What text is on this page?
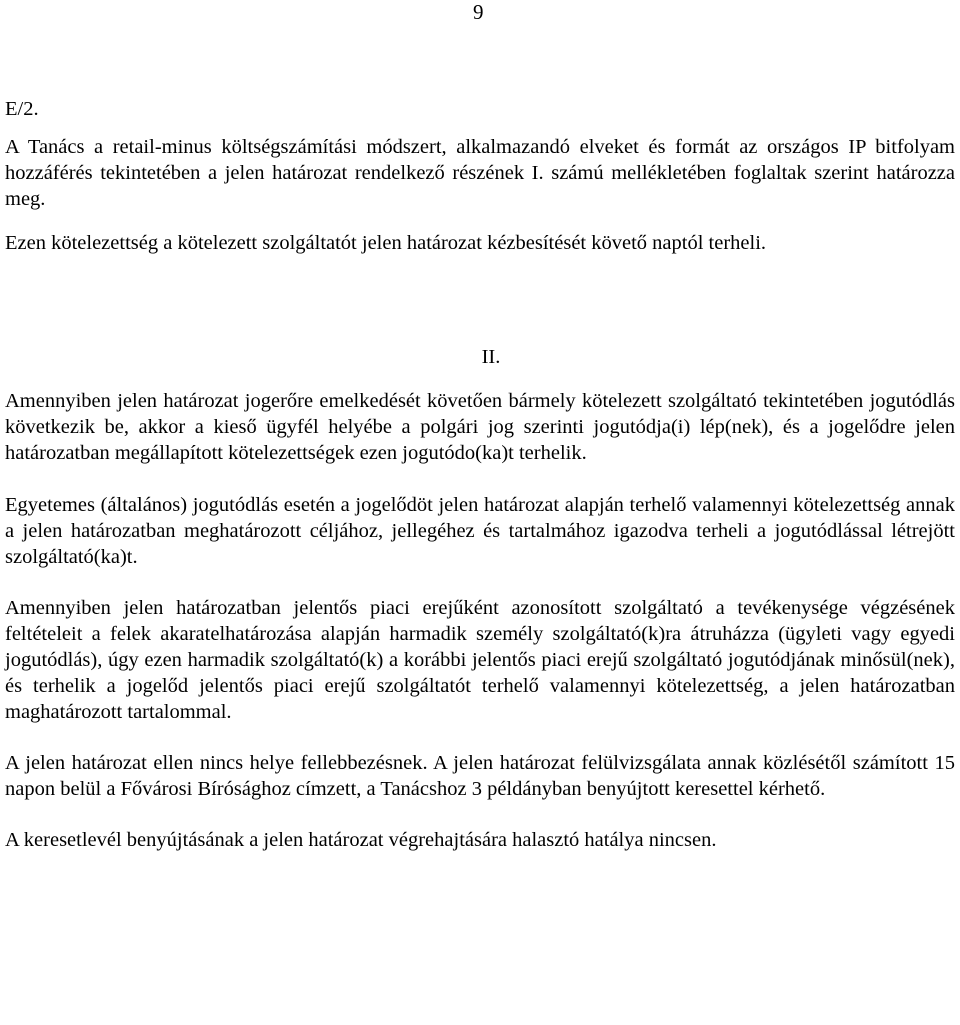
9

E/2.

A Tanács a retail-minus költségszámítási módszert, alkalmazandó elveket és formát az országos IP bitfolyam hozzáférés tekintetében a jelen határozat rendelkező részének I. számú mellékletében foglaltak szerint határozza meg.

Ezen kötelezettség a kötelezett szolgáltatót jelen határozat kézbesítését követő naptól terheli.

II.

Amennyiben jelen határozat jogerőre emelkedését követően bármely kötelezett szolgáltató tekintetében jogutódlás következik be, akkor a kieső ügyfél helyébe a polgári jog szerinti jogutódja(i) lép(nek), és a jogelődre jelen határozatban megállapított kötelezettségek ezen jogutódo(ka)t terhelik.

Egyetemes (általános) jogutódlás esetén a jogelődöt jelen határozat alapján terhelő valamennyi kötelezettség annak a jelen határozatban meghatározott céljához, jellegéhez és tartalmához igazodva terheli a jogutódlással létrejött szolgáltató(ka)t.

Amennyiben jelen határozatban jelentős piaci erejűként azonosított szolgáltató a tevékenysége végzésének feltételeit a felek akaratelhatározása alapján harmadik személy szolgáltató(k)ra átruházza (ügyleti vagy egyedi jogutódlás), úgy ezen harmadik szolgáltató(k) a korábbi jelentős piaci erejű szolgáltató jogutódjának minősül(nek), és terhelik a jogelőd jelentős piaci erejű szolgáltatót terhelő valamennyi kötelezettség, a jelen határozatban maghatározott tartalommal.

A jelen határozat ellen nincs helye fellebbezésnek. A jelen határozat felülvizsgálata annak közlésétől számított 15 napon belül a Fővárosi Bírósághoz címzett, a Tanácshoz 3 példányban benyújtott keresettel kérhető.

A keresetlevél benyújtásának a jelen határozat végrehajtására halasztó hatálya nincsen.
